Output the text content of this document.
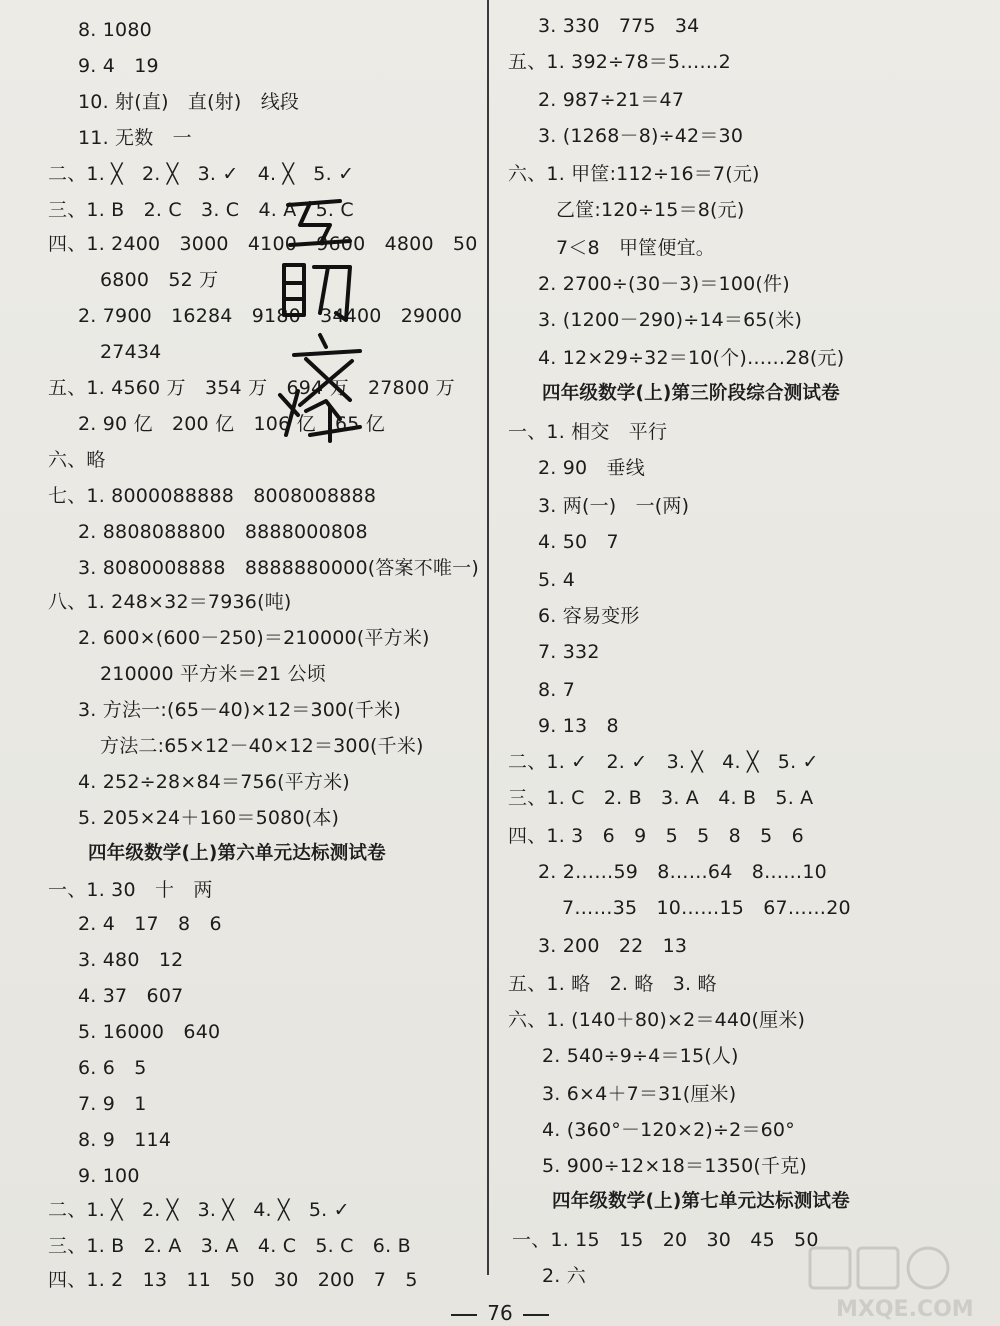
8. 1080
9. 4　19
10. 射(直)　直(射)　线段
11. 无数　一
二、1. ╳　2. ╳　3. ✓　4. ╳　5. ✓
三、1. B　2. C　3. C　4. A　5. C
四、1. 2400　3000　4100　9600　4800　50
6800　52 万
2. 7900　16284　9180　34400　29000
27434
五、1. 4560 万　354 万　694 万　27800 万
2. 90 亿　200 亿　106 亿　65 亿
六、略
七、1. 8000088888　8008008888
2. 8808088800　8888000808
3. 8080008888　8888880000(答案不唯一)
八、1. 248×32＝7936(吨)
2. 600×(600－250)＝210000(平方米)
210000 平方米＝21 公顷
3. 方法一:(65－40)×12＝300(千米)
方法二:65×12－40×12＝300(千米)
4. 252÷28×84＝756(平方米)
5. 205×24＋160＝5080(本)
四年级数学(上)第六单元达标测试卷
一、1. 30　十　两
2. 4　17　8　6
3. 480　12
4. 37　607
5. 16000　640
6. 6　5
7. 9　1
8. 9　114
9. 100
二、1. ╳　2. ╳　3. ╳　4. ╳　5. ✓
三、1. B　2. A　3. A　4. C　5. C　6. B
四、1. 2　13　11　50　30　200　7　5
3. 330　775　34
五、1. 392÷78＝5……2
2. 987÷21＝47
3. (1268－8)÷42＝30
六、1. 甲筐:112÷16＝7(元)
乙筐:120÷15＝8(元)
7＜8　甲筐便宜。
2. 2700÷(30－3)＝100(件)
3. (1200－290)÷14＝65(米)
4. 12×29÷32＝10(个)……28(元)
四年级数学(上)第三阶段综合测试卷
一、1. 相交　平行
2. 90　垂线
3. 两(一)　一(两)
4. 50　7
5. 4
6. 容易变形
7. 332
8. 7
9. 13　8
二、1. ✓　2. ✓　3. ╳　4. ╳　5. ✓
三、1. C　2. B　3. A　4. B　5. A
四、1. 3　6　9　5　5　8　5　6
2. 2……59　8……64　8……10
7……35　10……15　67……20
3. 200　22　13
五、1. 略　2. 略　3. 略
六、1. (140＋80)×2＝440(厘米)
2. 540÷9÷4＝15(人)
3. 6×4＋7＝31(厘米)
4. (360°－120×2)÷2＝60°
5. 900÷12×18＝1350(千克)
四年级数学(上)第七单元达标测试卷
一、1. 15　15　20　30　45　50
2. 六
MXQE.COM
76
